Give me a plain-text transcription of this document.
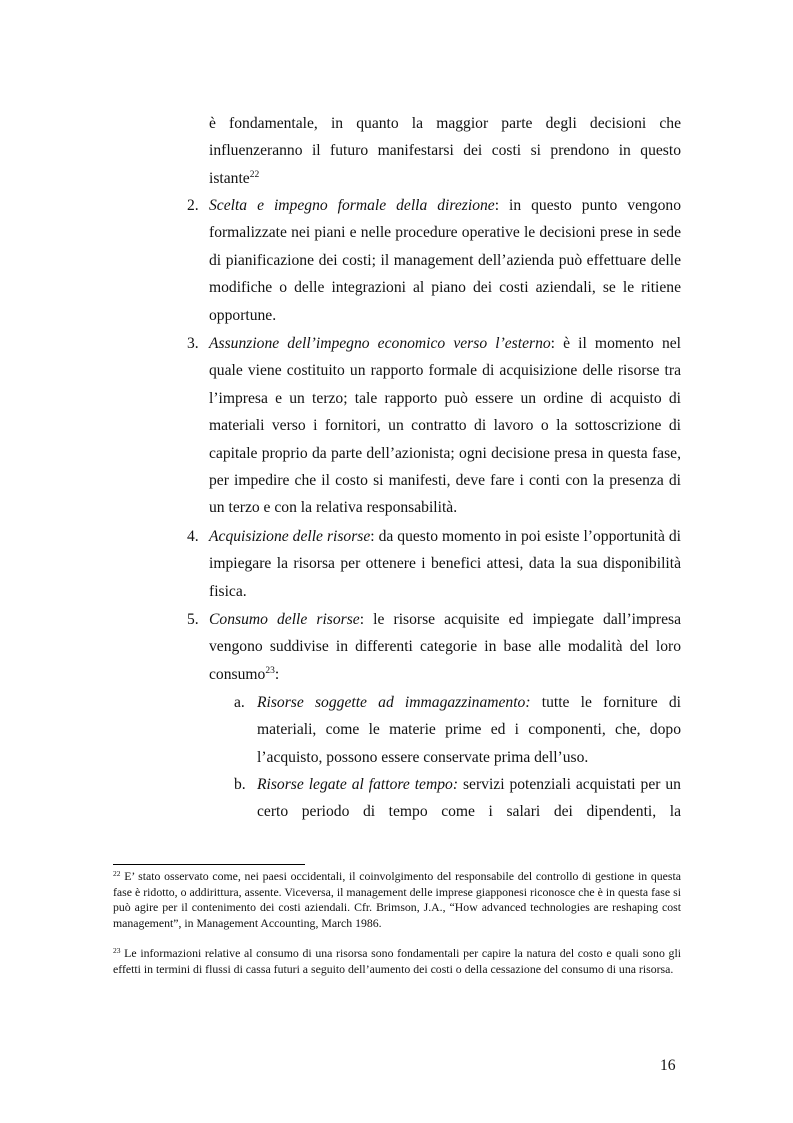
è fondamentale, in quanto la maggior parte degli decisioni che influenzeranno il futuro manifestarsi dei costi si prendono in questo istante$^{22}$

2. Scelta e impegno formale della direzione: in questo punto vengono formalizzate nei piani e nelle procedure operative le decisioni prese in sede di pianificazione dei costi; il management dell’azienda può effettuare delle modifiche o delle integrazioni al piano dei costi aziendali, se le ritiene opportune.

3. Assunzione dell’impegno economico verso l’esterno: è il momento nel quale viene costituito un rapporto formale di acquisizione delle risorse tra l’impresa e un terzo; tale rapporto può essere un ordine di acquisto di materiali verso i fornitori, un contratto di lavoro o la sottoscrizione di capitale proprio da parte dell’azionista; ogni decisione presa in questa fase, per impedire che il costo si manifesti, deve fare i conti con la presenza di un terzo e con la relativa responsabilità.

4. Acquisizione delle risorse: da questo momento in poi esiste l’opportunità di impiegare la risorsa per ottenere i benefici attesi, data la sua disponibilità fisica.

5. Consumo delle risorse: le risorse acquisite ed impiegate dall’impresa vengono suddivise in differenti categorie in base alle modalità del loro consumo$^{23}$:

a. Risorse soggette ad immagazzinamento: tutte le forniture di materiali, come le materie prime ed i componenti, che, dopo l’acquisto, possono essere conservate prima dell’uso.

b. Risorse legate al fattore tempo: servizi potenziali acquistati per un certo periodo di tempo come i salari dei dipendenti, la

$^{22}$ E’ stato osservato come, nei paesi occidentali, il coinvolgimento del responsabile del controllo di gestione in questa fase è ridotto, o addirittura, assente. Viceversa, il management delle imprese giapponesi riconosce che è in questa fase si può agire per il contenimento dei costi aziendali. Cfr. Brimson, J.A., “How advanced technologies are reshaping cost management”, in Management Accounting, March 1986.

$^{23}$ Le informazioni relative al consumo di una risorsa sono fondamentali per capire la natura del costo e quali sono gli effetti in termini di flussi di cassa futuri a seguito dell’aumento dei costi o della cessazione del consumo di una risorsa.

16
